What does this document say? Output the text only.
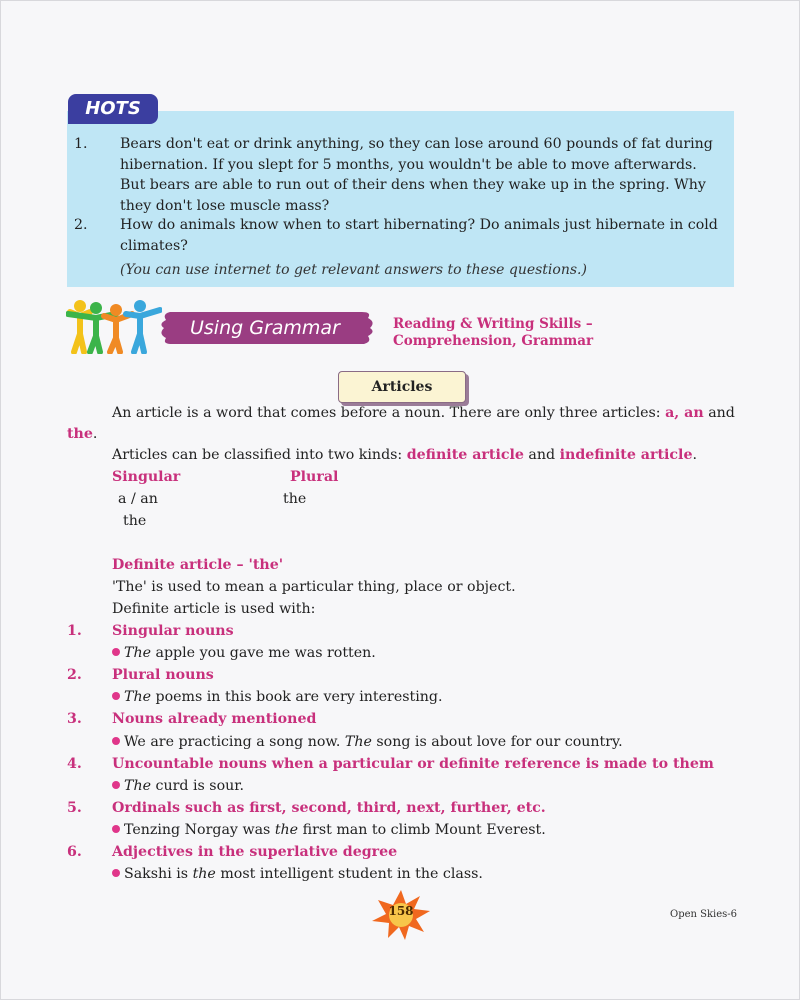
HOTS
1. Bears don't eat or drink anything, so they can lose around 60 pounds of fat during hibernation. If you slept for 5 months, you wouldn't be able to move afterwards. But bears are able to run out of their dens when they wake up in the spring. Why they don't lose muscle mass?
2. How do animals know when to start hibernating? Do animals just hibernate in cold climates?
(You can use internet to get relevant answers to these questions.)
Using Grammar	Reading & Writing Skills –
Comprehension, Grammar
Articles
An article is a word that comes before a noun. There are only three articles: a, an and
the.
Articles can be classified into two kinds: definite article and indefinite article.
Singular	Plural
a / an	the
the
Definite article – 'the'
'The' is used to mean a particular thing, place or object.
Definite article is used with:
1. Singular nouns
The apple you gave me was rotten.
2. Plural nouns
The poems in this book are very interesting.
3. Nouns already mentioned
We are practicing a song now. The song is about love for our country.
4. Uncountable nouns when a particular or definite reference is made to them
The curd is sour.
5. Ordinals such as first, second, third, next, further, etc.
Tenzing Norgay was the first man to climb Mount Everest.
6. Adjectives in the superlative degree
Sakshi is the most intelligent student in the class.
158	Open Skies-6
